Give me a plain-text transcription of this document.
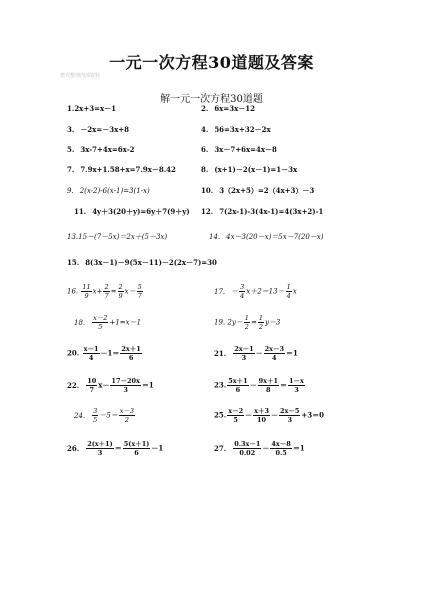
一元一次方程30道题及答案
整代整理内部资料
解一元一次方程30道题
1.2x+3=x－1	2. 6x=3x－12
3. －2x=－3x+8	4. 56=3x+32－2x
5. 3x-7+4x=6x-2	6. 3x－7+6x=4x－8
7. 7.9x+1.58+x=7.9x－8.42	8. (x+1)－2(x－1)=1－3x
9. 2(x-2)-6(x-1)=3(1-x)	10. 3（2x+5）=2（4x+3）－3
11. 4y＋3(20＋y)=6y＋7(9＋y) 12. 7(2x-1)-3(4x-1)=4(3x+2)-1
13.15－(7－5x)＝2x＋(5－3x)	14. 4x－3(20－x)＝5x－7(20－x)
15. 8(3x－1)－9(5x－11)－2(2x－7)=30
16. $\frac{11}{9} x+ \frac{2}{7} = \frac{2}{9} x- \frac{5}{7}$	17. － $\frac{3}{4} x+2=13- \frac{1}{4}$ x
18. $\frac{x-2}{5} +1=x-1$	19. $2y- \frac{1}{2} = \frac{1}{2} y-3$
20. $\frac{x-1}{4} -1= \frac{2x+1}{6}$	21. $\frac{2x-1}{3} - \frac{2x-3}{4} =1$
22. $\frac{10}{7} x- \frac{17-20x}{3} =1$	23. $\frac{5x+1}{6} - \frac{9x+1}{8} = \frac{1-x}{3}$
24. $\frac{3}{5} -5= \frac{x-3}{2}$	25. $\frac{x-2}{5} - \frac{x+3}{10} - \frac{2x-5}{3} +3=0$
26. $\frac{2(x+1)}{3} = \frac{5(x+1)}{6} -1$	27. $\frac{0.3x-1}{0.02} - \frac{4x-8}{0.5} =1$
